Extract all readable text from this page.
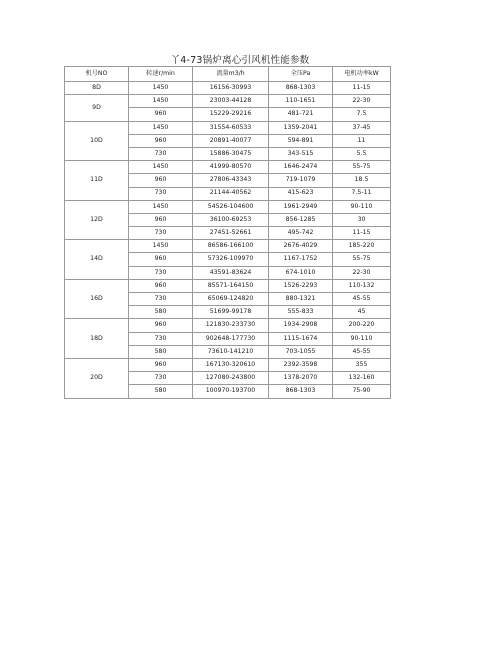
丫4-73锅炉离心引风机性能参数
机号NO	转速r/min	流量m3/h	全压Pa	电机功率kW
8D	1450	16156-30993	868-1303	11-15
9D	1450	23003-44128	110-1651	22-30
	960	15229-29216	481-721	7.5
10D	1450	31554-60533	1359-2041	37-45
	960	20891-40077	594-891	11
	730	15886-30475	343-515	5.5
11D	1450	41999-80570	1646-2474	55-75
	960	27806-43343	719-1079	18.5
	730	21144-40562	415-623	7.5-11
12D	1450	54526-104600	1961-2949	90-110
	960	36100-69253	856-1285	30
	730	27451-52661	495-742	11-15
14D	1450	86586-166100	2676-4029	185-220
	960	57326-109970	1167-1752	55-75
	730	43591-83624	674-1010	22-30
16D	960	85571-164150	1526-2293	110-132
	730	65069-124820	880-1321	45-55
	580	51699-99178	555-833	45
18D	960	121830-233730	1934-2908	200-220
	730	902648-177730	1115-1674	90-110
	580	73610-141210	703-1055	45-55
20D	960	167130-320610	2392-3598	355
	730	127080-243800	1378-2070	132-160
	580	100970-193700	868-1303	75-90
